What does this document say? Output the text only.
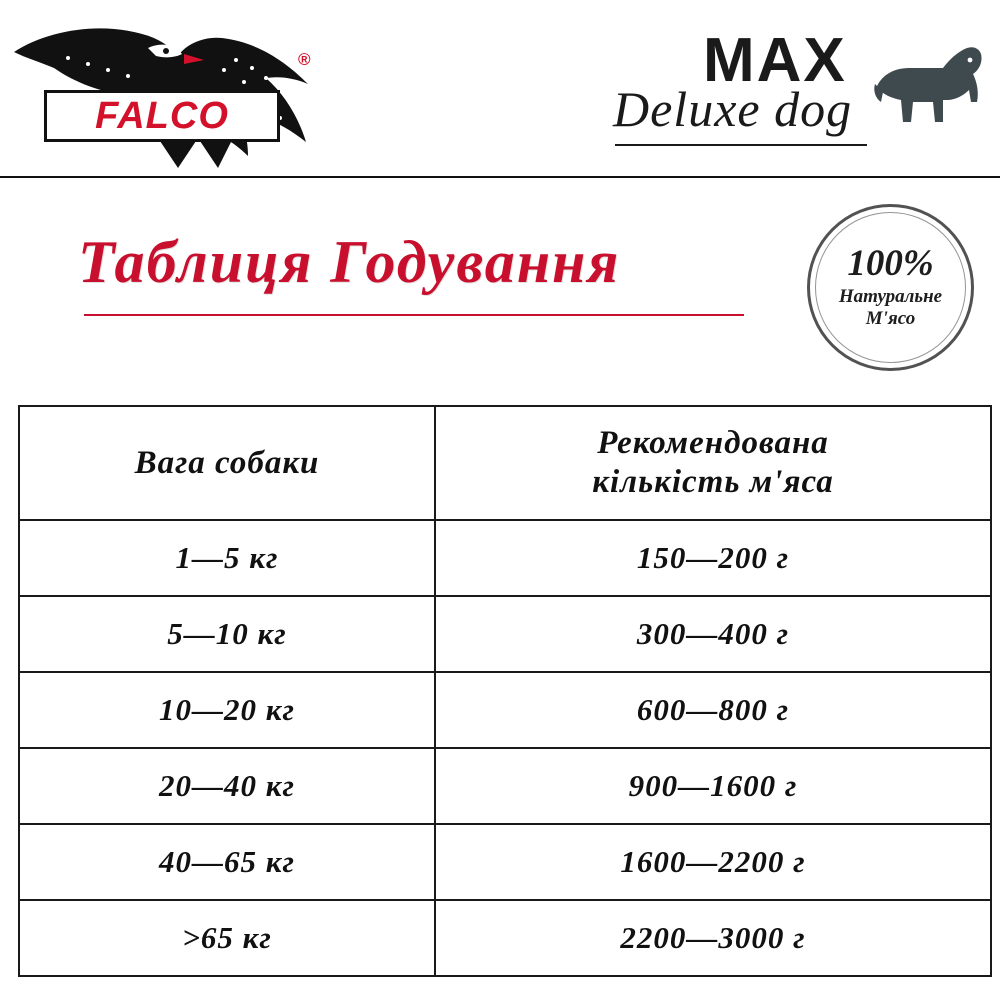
FALCO
®	MAX
Deluxe dog
Таблиця Годування	100%
Натуральне
М'ясо
Вага собаки	Рекомендована
кількість м'яса
1—5 кг	150—200 г
5—10 кг	300—400 г
10—20 кг	600—800 г
20—40 кг	900—1600 г
40—65 кг	1600—2200 г
>65 кг	2200—3000 г
